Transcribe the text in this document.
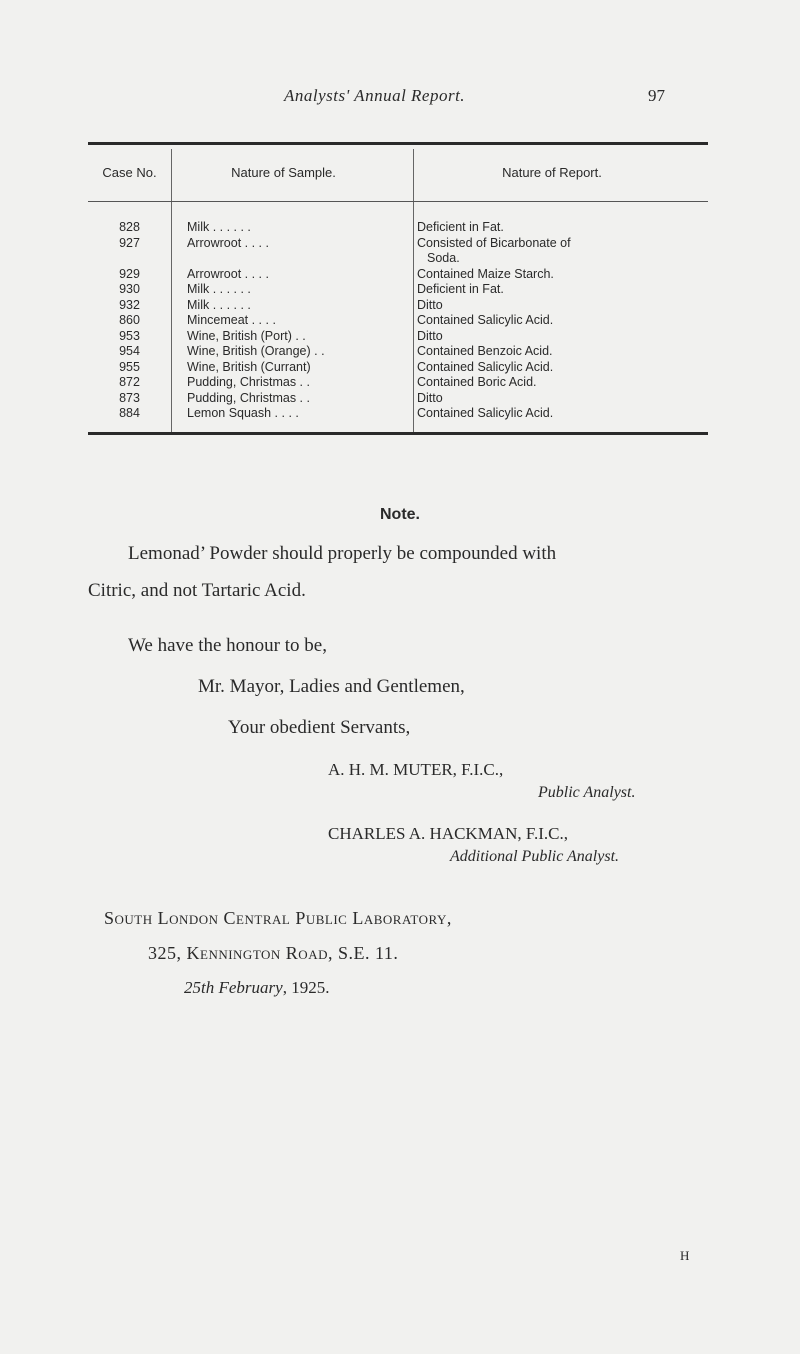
Analysts' Annual Report.	97
Case No.	Nature of Sample.	Nature of Report.
828	Milk . . . . . .	Deficient in Fat.
927	Arrowroot . . . .	Consisted of Bicarbonate of
Soda.
929	Arrowroot . . . .	Contained Maize Starch.
930	Milk . . . . . .	Deficient in Fat.
932	Milk . . . . . .	Ditto
860	Mincemeat . . . .	Contained Salicylic Acid.
953	Wine, British (Port) . .	Ditto
954	Wine, British (Orange) . .	Contained Benzoic Acid.
955	Wine, British (Currant)	Contained Salicylic Acid.
872	Pudding, Christmas . .	Contained Boric Acid.
873	Pudding, Christmas . .	Ditto
884	Lemon Squash . . . .	Contained Salicylic Acid.
Note.
Lemonad’ Powder should properly be compounded with
Citric, and not Tartaric Acid.
We have the honour to be,
Mr. Mayor, Ladies and Gentlemen,
Your obedient Servants,
A. H. M. MUTER, F.I.C.,
Public Analyst.
CHARLES A. HACKMAN, F.I.C.,
Additional Public Analyst.
South London Central Public Laboratory,
325, Kennington Road, S.E. 11.
25th February, 1925.
H
